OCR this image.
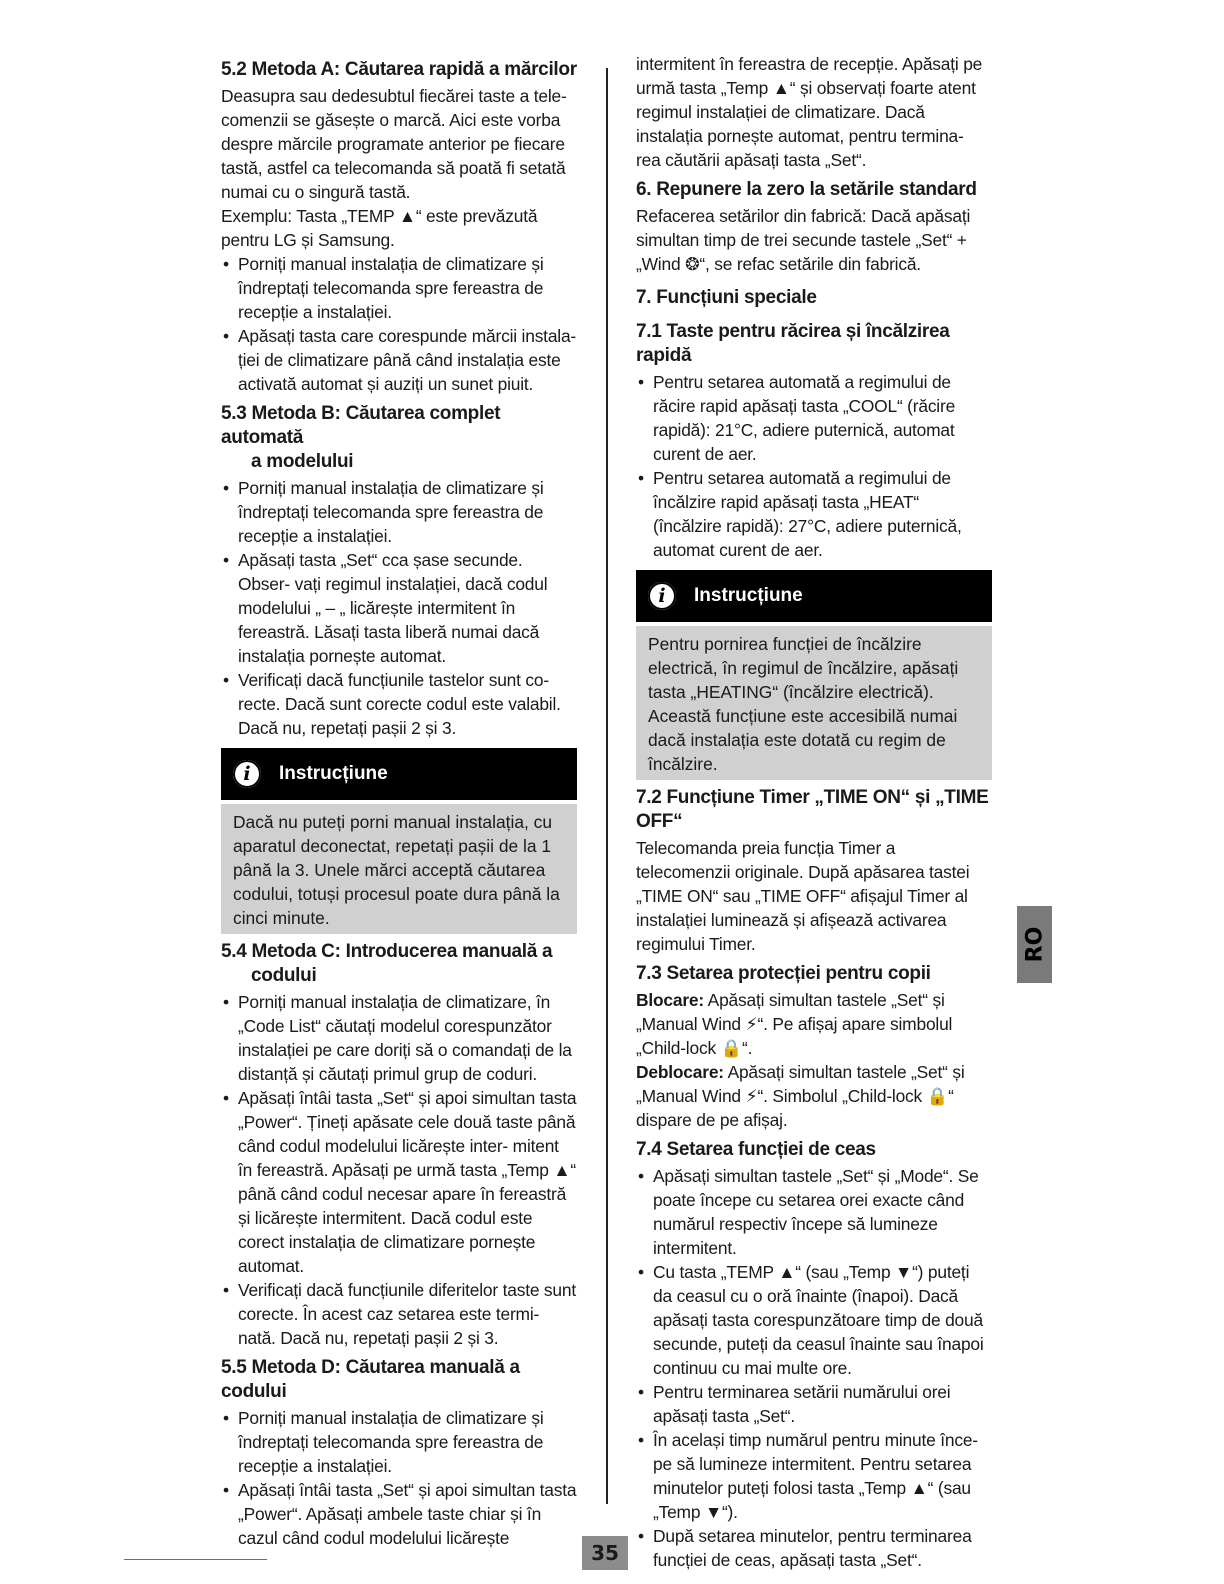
5.2 Metoda A: Căutarea rapidă a mărcilor

Deasupra sau dedesubtul fiecărei taste a tele- comenzii se găsește o marcă. Aici este vorba despre mărcile programate anterior pe fiecare tastă, astfel ca telecomanda să poată fi setată numai cu o singură tastă.

Exemplu: Tasta „TEMP ▲“ este prevăzută pentru LG și Samsung.

• Porniți manual instalația de climatizare și îndreptați telecomanda spre fereastra de recepție a instalației.
• Apăsați tasta care corespunde mărcii instala- ției de climatizare până când instalația este activată automat și auziți un sunet piuit.
5.3 Metoda B: Căutarea complet automată
a modelului
• Porniți manual instalația de climatizare și îndreptați telecomanda spre fereastra de recepție a instalației.
• Apăsați tasta „Set“ cca șase secunde. Obser- vați regimul instalației, dacă codul modelului „ – „ licărește intermitent în fereastră. Lăsați tasta liberă numai dacă instalația pornește automat.
• Verificați dacă funcțiunile tastelor sunt co- recte. Dacă sunt corecte codul este valabil. Dacă nu, repetați pașii 2 și 3.
i	Instrucțiune
Dacă nu puteți porni manual instalația, cu aparatul deconectat, repetați pașii de la 1 până la 3. Unele mărci acceptă căutarea codului, totuși procesul poate dura până la cinci minute.
5.4 Metoda C: Introducerea manuală a
codului
• Porniți manual instalația de climatizare, în „Code List“ căutați modelul corespunzător instalației pe care doriți să o comandați de la distanță și căutați primul grup de coduri.
• Apăsați întâi tasta „Set“ și apoi simultan tasta „Power“. Țineți apăsate cele două taste până când codul modelului licărește inter- mitent în fereastră. Apăsați pe urmă tasta „Temp ▲“ până când codul necesar apare în fereastră și licărește intermitent. Dacă codul este corect instalația de climatizare pornește automat.
• Verificați dacă funcțiunile diferitelor taste sunt corecte. În acest caz setarea este termi- nată. Dacă nu, repetați pașii 2 și 3.
5.5 Metoda D: Căutarea manuală a codului
• Porniți manual instalația de climatizare și îndreptați telecomanda spre fereastra de recepție a instalației.
• Apăsați întâi tasta „Set“ și apoi simultan tasta „Power“. Apăsați ambele taste chiar și în cazul când codul modelului licărește

intermitent în fereastra de recepție. Apăsați pe urmă tasta „Temp ▲“ și observați foarte atent regimul instalației de climatizare. Dacă instalația pornește automat, pentru termina- rea căutării apăsați tasta „Set“.

6. Repunere la zero la setările standard

Refacerea setărilor din fabrică: Dacă apăsați simultan timp de trei secunde tastele „Set“ + „Wind ❂“, se refac setările din fabrică.

7. Funcțiuni speciale
7.1 Taste pentru răcirea și încălzirea rapidă
• Pentru setarea automată a regimului de răcire rapid apăsați tasta „COOL“ (răcire rapidă): 21°C, adiere puternică, automat curent de aer.
• Pentru setarea automată a regimului de încălzire rapid apăsați tasta „HEAT“ (încălzire rapidă): 27°C, adiere puternică, automat curent de aer.
i	Instrucțiune
Pentru pornirea funcției de încălzire electrică, în regimul de încălzire, apăsați tasta „HEATING“ (încălzire electrică). Această funcțiune este accesibilă numai dacă instalația este dotată cu regim de încălzire.
7.2 Funcțiune Timer „TIME ON“ și „TIME OFF“

Telecomanda preia funcția Timer a telecomenzii originale. După apăsarea tastei „TIME ON“ sau „TIME OFF“ afișajul Timer al instalației luminează și afișează activarea regimului Timer.

7.3 Setarea protecției pentru copii

Blocare: Apăsați simultan tastele „Set“ și „Manual Wind ⚡“. Pe afișaj apare simbolul „Child-lock 🔒“.

Deblocare: Apăsați simultan tastele „Set“ și „Manual Wind ⚡“. Simbolul „Child-lock 🔒“ dispare de pe afișaj.

7.4 Setarea funcției de ceas
• Apăsați simultan tastele „Set“ și „Mode“. Se poate începe cu setarea orei exacte când numărul respectiv începe să lumineze intermitent.
• Cu tasta „TEMP ▲“ (sau „Temp ▼“) puteți da ceasul cu o oră înainte (înapoi). Dacă apăsați tasta corespunzătoare timp de două secunde, puteți da ceasul înainte sau înapoi continuu cu mai multe ore.
• Pentru terminarea setării numărului orei apăsați tasta „Set“.
• În același timp numărul pentru minute înce- pe să lumineze intermitent. Pentru setarea minutelor puteți folosi tasta „Temp ▲“ (sau „Temp ▼“).
• După setarea minutelor, pentru terminarea funcției de ceas, apăsați tasta „Set“.
RO
35
